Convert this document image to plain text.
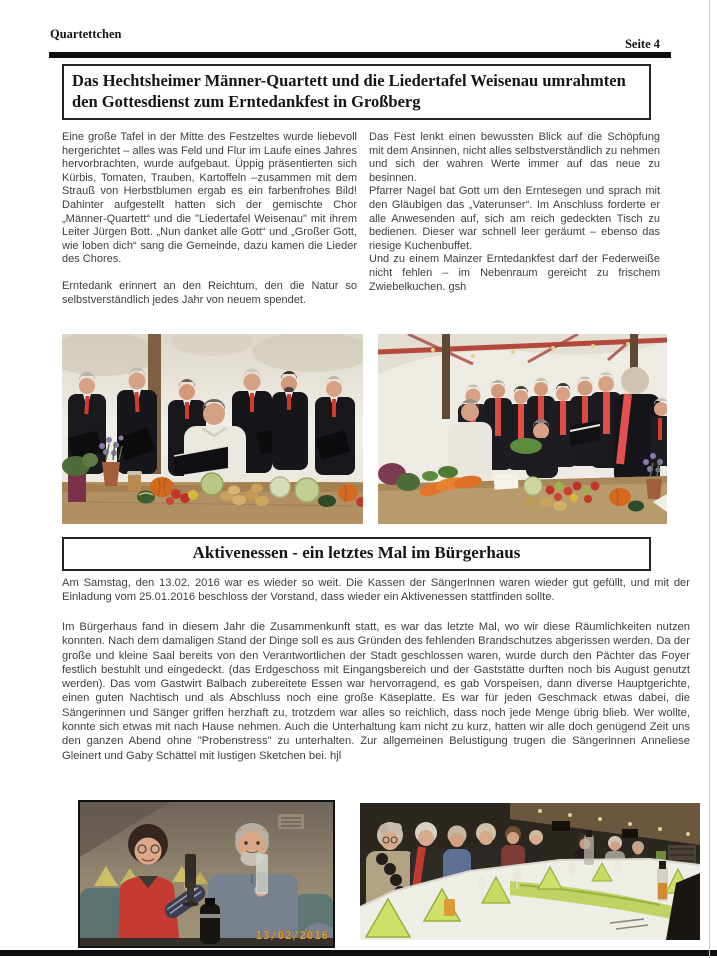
Quartettchen
Seite 4
Das Hechtsheimer Männer-Quartett und die Liedertafel Weisenau umrahmten den Gottesdienst zum Erntedankfest in Großberg

Eine große Tafel in der Mitte des Festzeltes wurde liebevoll hergerichtet – alles was Feld und Flur im Laufe eines Jahres hervorbrachten, wurde aufgebaut. Üppig präsentierten sich Kürbis, Tomaten, Trauben, Kartoffeln –zusammen mit dem Strauß von Herbstblumen ergab es ein farbenfrohes Bild! Dahinter aufgestellt hatten sich der gemischte Chor „Männer-Quartett“ und die "Liedertafel Weisenau" mit ihrem Leiter Jürgen Bott. „Nun danket alle Gott“ und „Großer Gott, wie loben dich“ sang die Gemeinde, dazu kamen die Lieder des Chores.

Erntedank erinnert an den Reichtum, den die Natur so selbstverständlich jedes Jahr von neuem spendet.

Das Fest lenkt einen bewussten Blick auf die Schöpfung mit dem Ansinnen, nicht alles selbstverständlich zu nehmen und sich der wahren Werte immer auf das neue zu besinnen.

Pfarrer Nagel bat Gott um den Erntesegen und sprach mit den Gläubigen das „Vaterunser“. Im Anschluss forderte er alle Anwesenden auf, sich am reich gedeckten Tisch zu bedienen. Dieser war schnell leer geräumt – ebenso das riesige Kuchenbuffet.

Und zu einem Mainzer Erntedankfest darf der Federweiße nicht fehlen – im Nebenraum gereicht zu frischem Zwiebelkuchen. gsh

Aktivenessen - ein letztes Mal im Bürgerhaus

Am Samstag, den 13.02. 2016 war es wieder so weit. Die Kassen der SängerInnen waren wieder gut gefüllt, und mit der Einladung vom 25.01.2016 beschloss der Vorstand, dass wieder ein Aktivenessen stattfinden sollte.

Im Bürgerhaus fand in diesem Jahr die Zusammenkunft statt, es war das letzte Mal, wo wir diese Räumlichkeiten nutzen konnten. Nach dem damaligen Stand der Dinge soll es aus Gründen des fehlenden Brandschutzes abgerissen werden. Da der große und kleine Saal bereits von den Verantwortlichen der Stadt geschlossen waren, wurde durch den Pächter das Foyer festlich bestuhlt und eingedeckt. (das Erdgeschoss mit Eingangsbereich und der Gaststätte durften noch bis August genutzt werden). Das vom Gastwirt Balbach zubereitete Essen war hervorragend, es gab Vorspeisen, dann diverse Hauptgerichte, einen guten Nachtisch und als Abschluss noch eine große Käseplatte. Es war für jeden Geschmack etwas dabei, die Sängerinnen und Sänger griffen herzhaft zu, trotzdem war alles so reichlich, dass noch jede Menge übrig blieb. Wer wollte, konnte sich etwas mit nach Hause nehmen. Auch die Unterhaltung kam nicht zu kurz, hatten wir alle doch genügend Zeit uns den ganzen Abend ohne "Probenstress" zu unterhalten. Zur allgemeinen Belustigung trugen die Sängerinnen Anneliese Gleinert und Gaby Schättel mit lustigen Sketchen bei. hjl

13/02/2016
